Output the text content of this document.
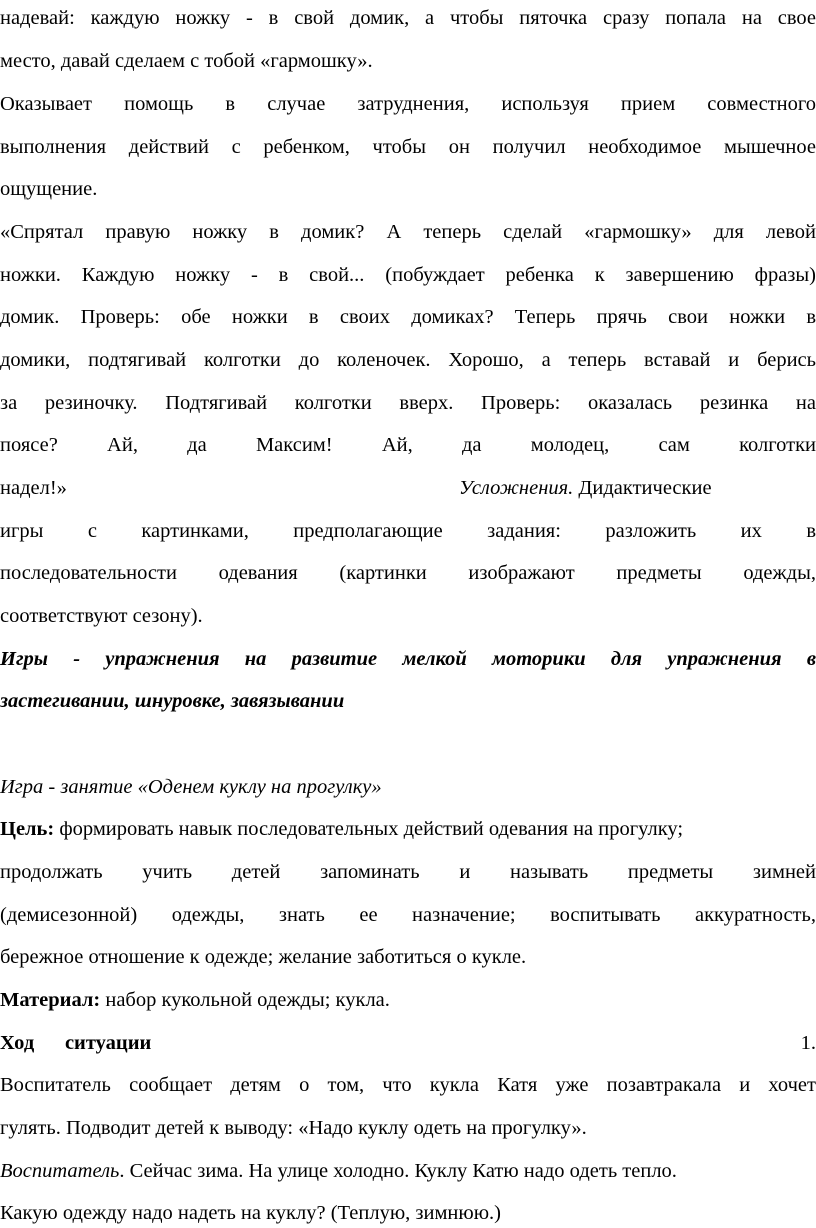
надевай: каждую ножку - в свой домик, а чтобы пяточка сразу попала на свое
место, давай сделаем с тобой «гармошку».
Оказывает помощь в случае затруднения, используя прием совместного
выполнения действий с ребенком, чтобы он получил необходимое мышечное
ощущение.
«Спрятал правую ножку в домик? А теперь сделай «гармошку» для левой
ножки. Каждую ножку - в свой... (побуждает ребенка к завершению фразы)
домик. Проверь: обе ножки в своих домиках? Теперь прячь свои ножки в
домики, подтягивай колготки до коленочек. Хорошо, а теперь вставай и берись
за резиночку. Подтягивай колготки вверх. Проверь: оказалась резинка на
поясе? Ай, да Максим! Ай, да молодец, сам колготки
надел!»	Усложнения. Дидактические
игры с картинками, предполагающие задания: разложить их в
последовательности одевания (картинки изображают предметы одежды,
соответствуют сезону).
Игры - упражнения на развитие мелкой моторики для упражнения в
застегивании, шнуровке, завязывании
Игра - занятие «Оденем куклу на прогулку»
Цель: формировать навык последовательных действий одевания на прогулку;
продолжать учить детей запоминать и называть предметы зимней
(демисезонной) одежды, знать ее назначение; воспитывать аккуратность,
бережное отношение к одежде; желание заботиться о кукле.
Материал: набор кукольной одежды; кукла.
Ход      ситуации	1.
Воспитатель сообщает детям о том, что кукла Катя уже позавтракала и хочет
гулять. Подводит детей к выводу: «Надо куклу одеть на прогулку».
Воспитатель. Сейчас зима. На улице холодно. Куклу Катю надо одеть тепло.
Какую одежду надо надеть на куклу? (Теплую, зимнюю.)
